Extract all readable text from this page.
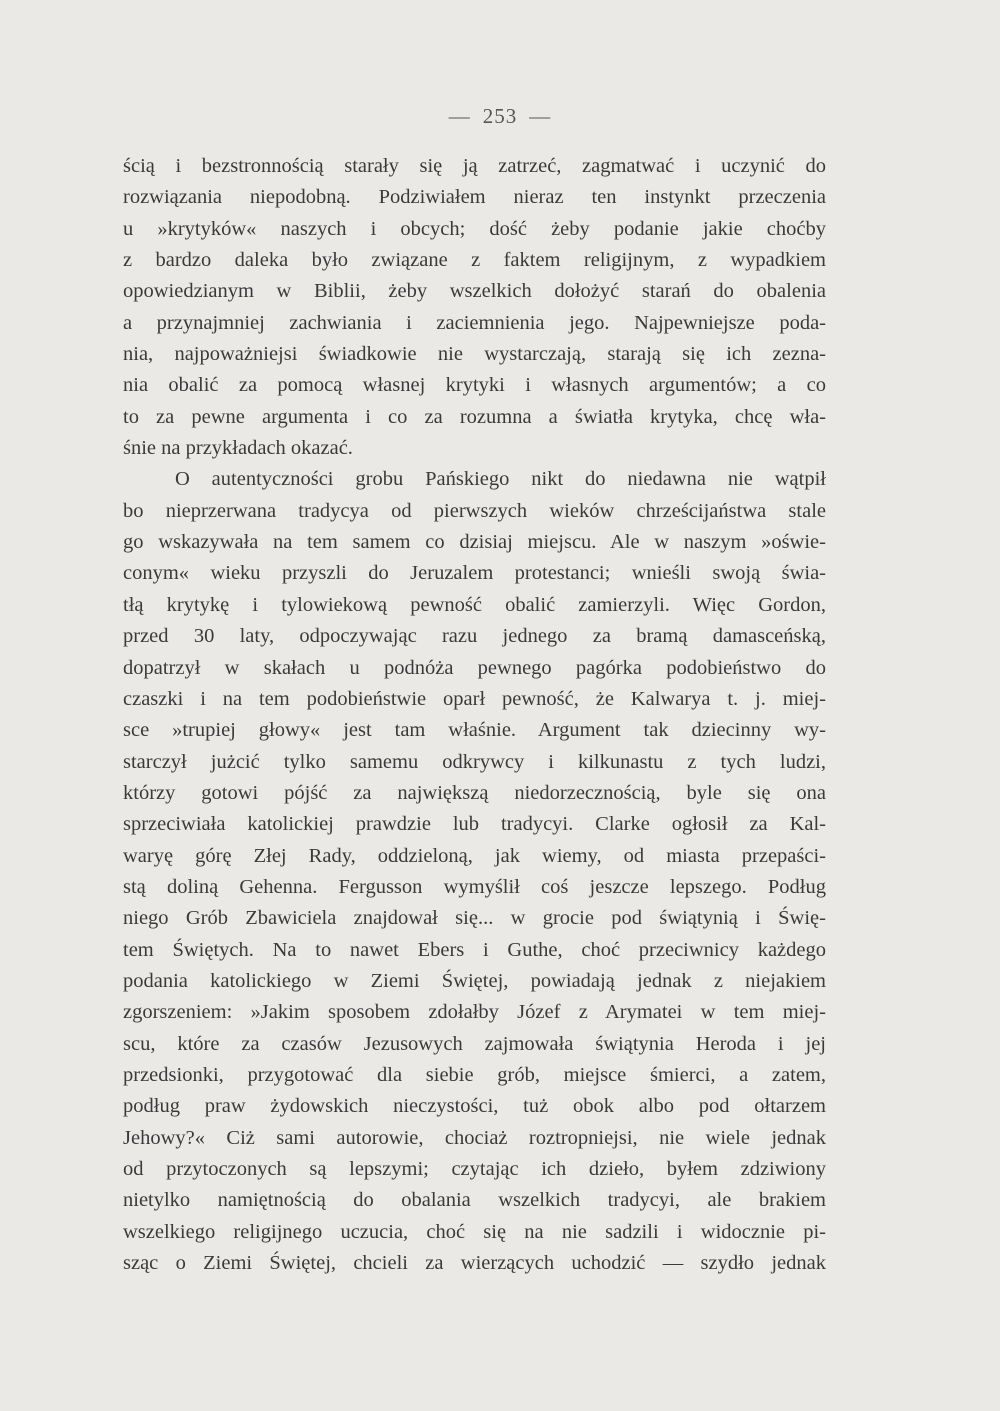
— 253 —
ścią i bezstronnością starały się ją zatrzeć, zagmatwać i uczynić do
rozwiązania niepodobną. Podziwiałem nieraz ten instynkt przeczenia
u »krytyków« naszych i obcych; dość żeby podanie jakie choćby
z bardzo daleka było związane z faktem religijnym, z wypadkiem
opowiedzianym w Biblii, żeby wszelkich dołożyć starań do obalenia
a przynajmniej zachwiania i zaciemnienia jego. Najpewniejsze poda-
nia, najpoważniejsi świadkowie nie wystarczają, starają się ich zezna-
nia obalić za pomocą własnej krytyki i własnych argumentów; a co
to za pewne argumenta i co za rozumna a światła krytyka, chcę wła-
śnie na przykładach okazać.
O autentyczności grobu Pańskiego nikt do niedawna nie wątpił
bo nieprzerwana tradycya od pierwszych wieków chrześcijaństwa stale
go wskazywała na tem samem co dzisiaj miejscu. Ale w naszym »oświe-
conym« wieku przyszli do Jeruzalem protestanci; wnieśli swoją świa-
tłą krytykę i tylowiekową pewność obalić zamierzyli. Więc Gordon,
przed 30 laty, odpoczywając razu jednego za bramą damasceńską,
dopatrzył w skałach u podnóża pewnego pagórka podobieństwo do
czaszki i na tem podobieństwie oparł pewność, że Kalwarya t. j. miej-
sce »trupiej głowy« jest tam właśnie. Argument tak dziecinny wy-
starczył jużcić tylko samemu odkrywcy i kilkunastu z tych ludzi,
którzy gotowi pójść za największą niedorzecznością, byle się ona
sprzeciwiała katolickiej prawdzie lub tradycyi. Clarke ogłosił za Kal-
waryę górę Złej Rady, oddzieloną, jak wiemy, od miasta przepaści-
stą doliną Gehenna. Fergusson wymyślił coś jeszcze lepszego. Podług
niego Grób Zbawiciela znajdował się... w grocie pod świątynią i Świę-
tem Świętych. Na to nawet Ebers i Guthe, choć przeciwnicy każdego
podania katolickiego w Ziemi Świętej, powiadają jednak z niejakiem
zgorszeniem: »Jakim sposobem zdołałby Józef z Arymatei w tem miej-
scu, które za czasów Jezusowych zajmowała świątynia Heroda i jej
przedsionki, przygotować dla siebie grób, miejsce śmierci, a zatem,
podług praw żydowskich nieczystości, tuż obok albo pod ołtarzem
Jehowy?« Ciż sami autorowie, chociaż roztropniejsi, nie wiele jednak
od przytoczonych są lepszymi; czytając ich dzieło, byłem zdziwiony
nietylko namiętnością do obalania wszelkich tradycyi, ale brakiem
wszelkiego religijnego uczucia, choć się na nie sadzili i widocznie pi-
sząc o Ziemi Świętej, chcieli za wierzących uchodzić — szydło jednak
